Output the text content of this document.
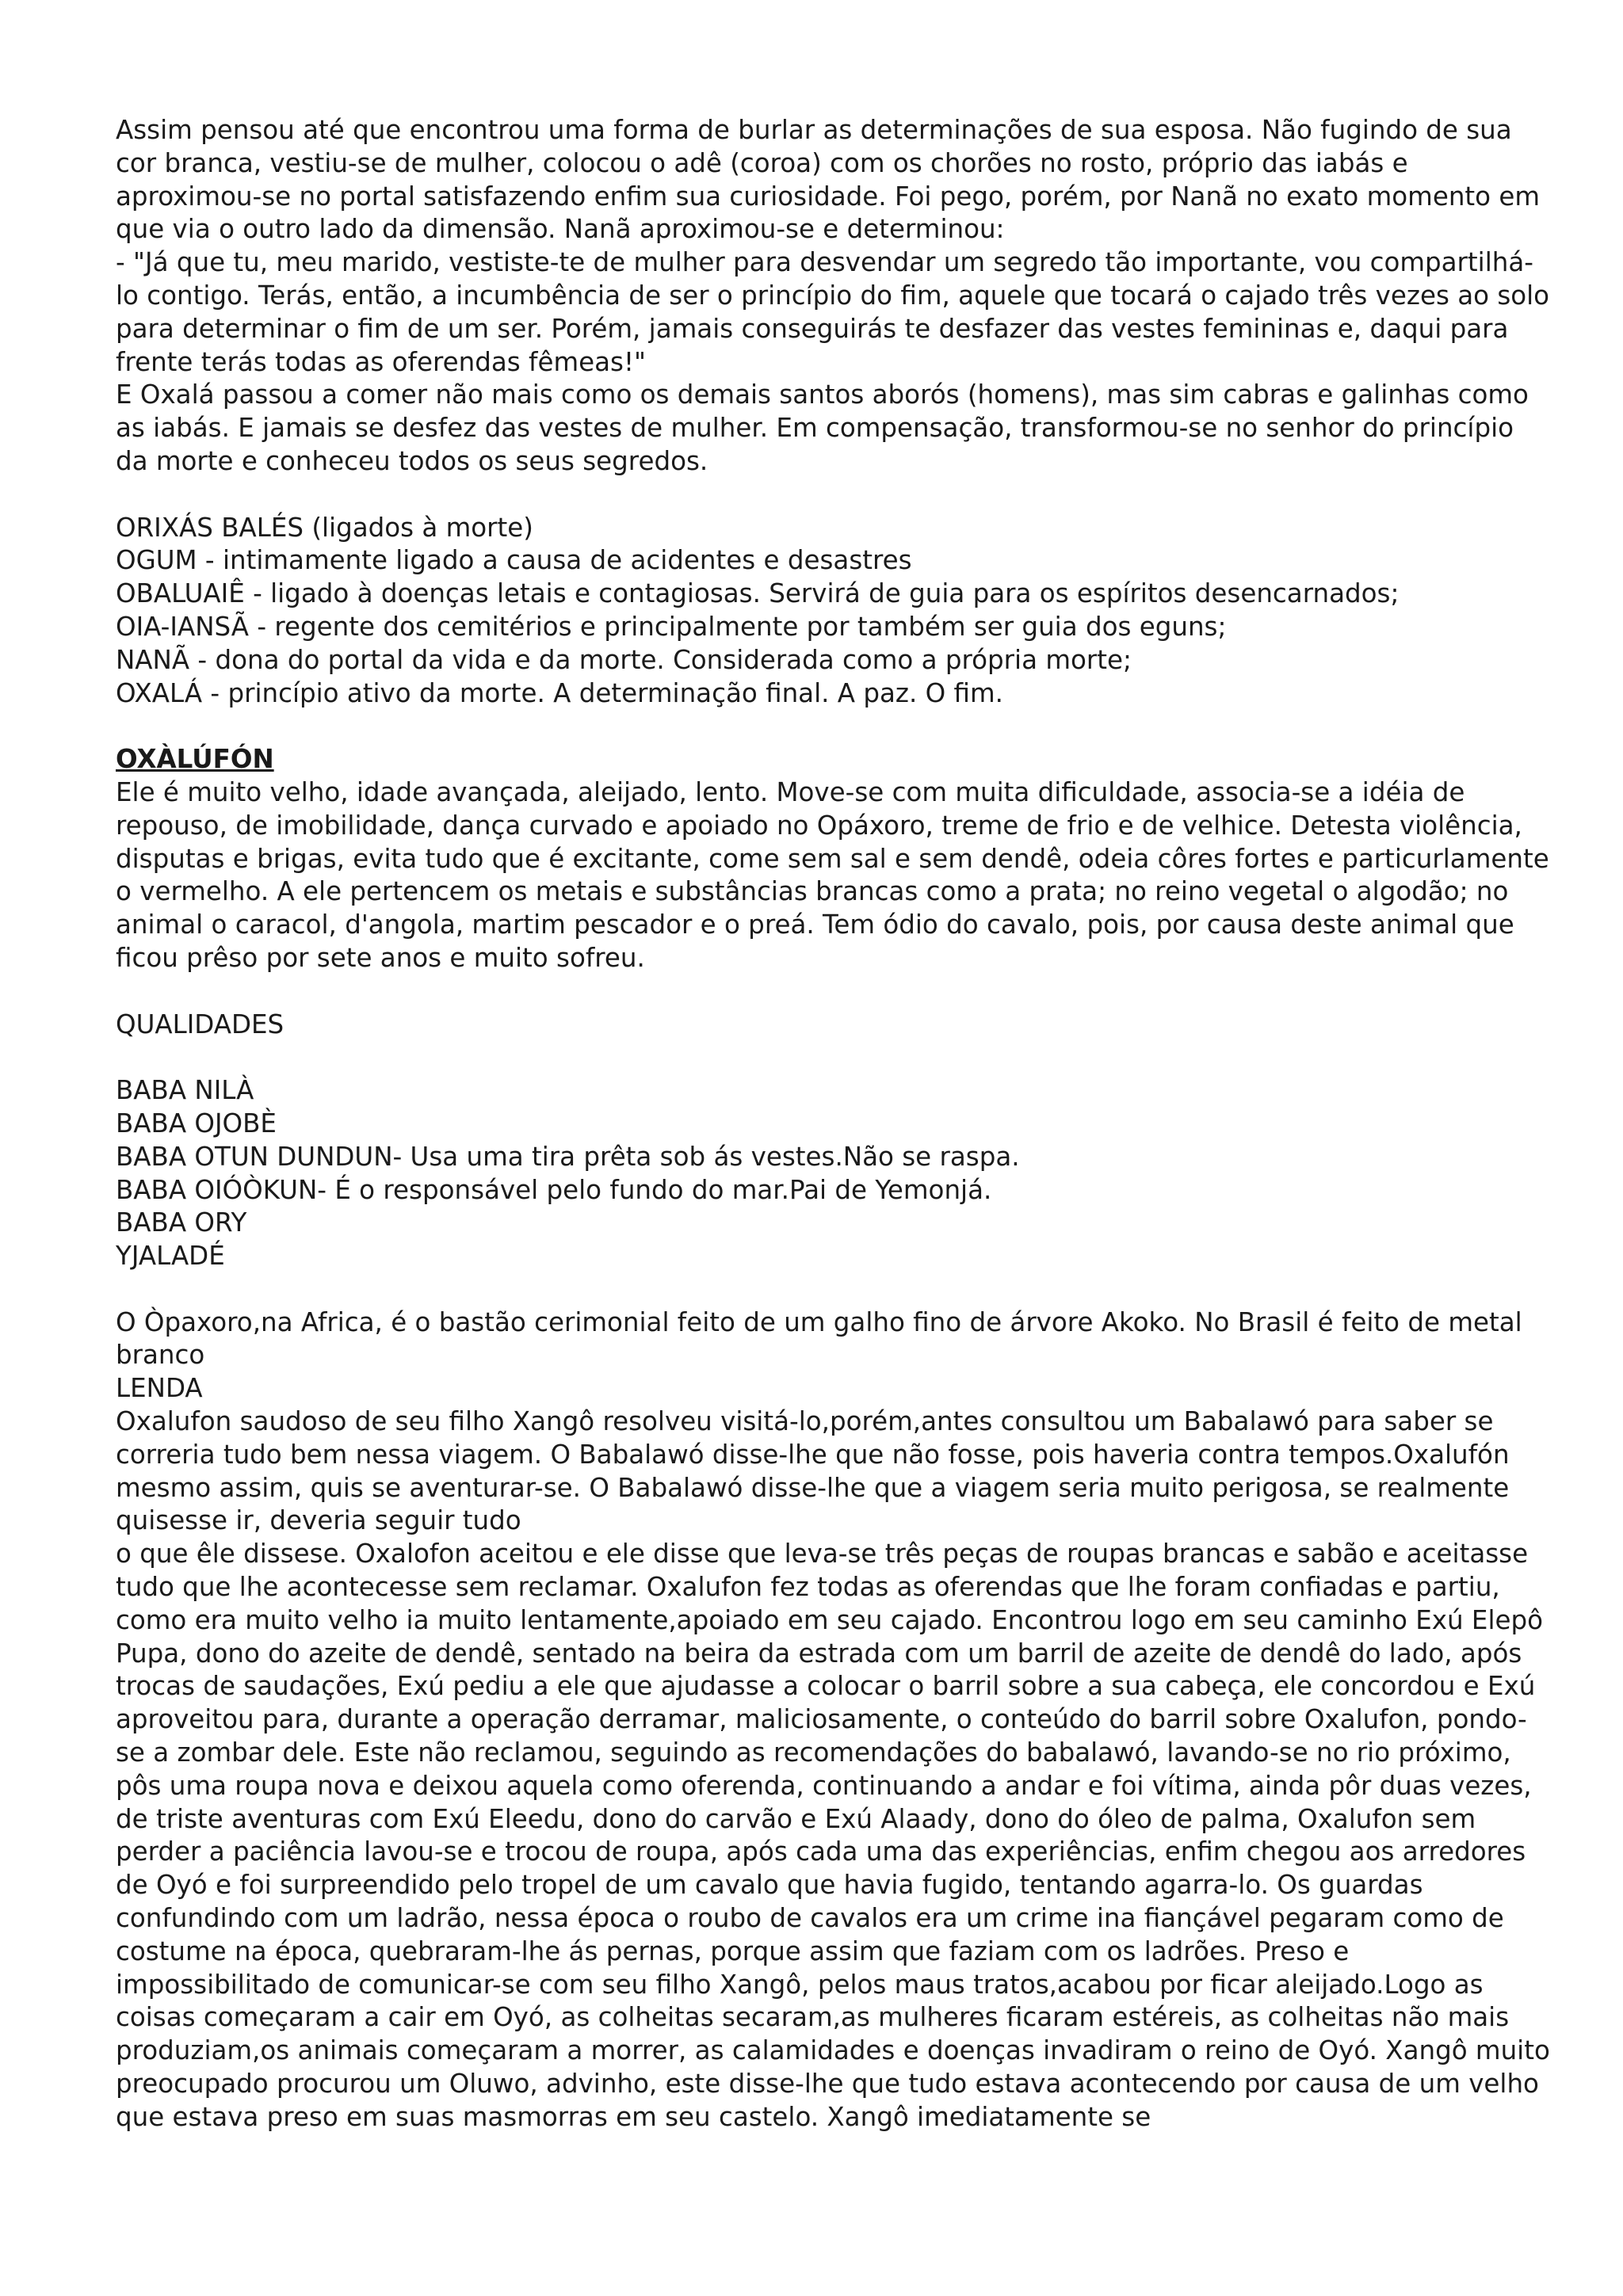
Assim pensou até que encontrou uma forma de burlar as determinações de sua esposa. Não fugindo de sua cor branca, vestiu-se de mulher, colocou o adê (coroa) com os chorões no rosto, próprio das iabás e aproximou-se no portal satisfazendo enfim sua curiosidade. Foi pego, porém, por Nanã no exato momento em que via o outro lado da dimensão. Nanã aproximou-se e determinou:

- "Já que tu, meu marido, vestiste-te de mulher para desvendar um segredo tão importante, vou compartilhá-lo contigo. Terás, então, a incumbência de ser o princípio do fim, aquele que tocará o cajado três vezes ao solo para determinar o fim de um ser. Porém, jamais conseguirás te desfazer das vestes femininas e, daqui para frente terás todas as oferendas fêmeas!"

E Oxalá passou a comer não mais como os demais santos aborós (homens), mas sim cabras e galinhas como as iabás. E jamais se desfez das vestes de mulher. Em compensação, transformou-se no senhor do princípio da morte e conheceu todos os seus segredos.

ORIXÁS BALÉS (ligados à morte)

OGUM - intimamente ligado a causa de acidentes e desastres

OBALUAIÊ - ligado à doenças letais e contagiosas. Servirá de guia para os espíritos desencarnados;

OIA-IANSÃ - regente dos cemitérios e principalmente por também ser guia dos eguns;

NANÃ - dona do portal da vida e da morte. Considerada como a própria morte;

OXALÁ - princípio ativo da morte. A determinação final. A paz. O fim.

OXÀLÚFÓN

Ele é muito velho, idade avançada, aleijado, lento. Move-se com muita dificuldade, associa-se a idéia de repouso, de imobilidade, dança curvado e apoiado no Opáxoro, treme de frio e de velhice. Detesta violência, disputas e brigas, evita tudo que é excitante, come sem sal e sem dendê, odeia côres fortes e particurlamente o vermelho. A ele pertencem os metais e substâncias brancas como a prata; no reino vegetal o algodão; no animal o caracol, d'angola, martim pescador e o preá. Tem ódio do cavalo, pois, por causa deste animal que ficou prêso por sete anos e muito sofreu.

QUALIDADES

BABA NILÀ

BABA OJOBÈ

BABA OTUN DUNDUN- Usa uma tira prêta sob ás vestes.Não se raspa.

BABA OIÓÒKUN- É o responsável pelo fundo do mar.Pai de Yemonjá.

BABA ORY

YJALADÉ

O Òpaxoro,na Africa, é o bastão cerimonial feito de um galho fino de árvore Akoko. No Brasil é feito de metal branco

LENDA

Oxalufon saudoso de seu filho Xangô resolveu visitá-lo,porém,antes consultou um Babalawó para saber se correria tudo bem nessa viagem. O Babalawó disse-lhe que não fosse, pois haveria contra tempos.Oxalufón mesmo assim, quis se aventurar-se. O Babalawó disse-lhe que a viagem seria muito perigosa, se realmente quisesse ir, deveria seguir tudo

o que êle dissese. Oxalofon aceitou e ele disse que leva-se três peças de roupas brancas e sabão e aceitasse tudo que lhe acontecesse sem reclamar. Oxalufon fez todas as oferendas que lhe foram confiadas e partiu, como era muito velho ia muito lentamente,apoiado em seu cajado. Encontrou logo em seu caminho Exú Elepô Pupa, dono do azeite de dendê, sentado na beira da estrada com um barril de azeite de dendê do lado, após trocas de saudações, Exú pediu a ele que ajudasse a colocar o barril sobre a sua cabeça, ele concordou e Exú aproveitou para, durante a operação derramar, maliciosamente, o conteúdo do barril sobre Oxalufon, pondo-se a zombar dele. Este não reclamou, seguindo as recomendações do babalawó, lavando-se no rio próximo, pôs uma roupa nova e deixou aquela como oferenda, continuando a andar e foi vítima, ainda pôr duas vezes, de triste aventuras com Exú Eleedu, dono do carvão e Exú Alaady, dono do óleo de palma, Oxalufon sem perder a paciência lavou-se e trocou de roupa, após cada uma das experiências, enfim chegou aos arredores de Oyó e foi surpreendido pelo tropel de um cavalo que havia fugido, tentando agarra-lo. Os guardas confundindo com um ladrão, nessa época o roubo de cavalos era um crime ina fiançável pegaram como de costume na época, quebraram-lhe ás pernas, porque assim que faziam com os ladrões. Preso e impossibilitado de comunicar-se com seu filho Xangô, pelos maus tratos,acabou por ficar aleijado.Logo as coisas começaram a cair em Oyó, as colheitas secaram,as mulheres ficaram estéreis, as colheitas não mais produziam,os animais começaram a morrer, as calamidades e doenças invadiram o reino de Oyó. Xangô muito preocupado procurou um Oluwo, advinho, este disse-lhe que tudo estava acontecendo por causa de um velho que estava preso em suas masmorras em seu castelo. Xangô imediatamente se
